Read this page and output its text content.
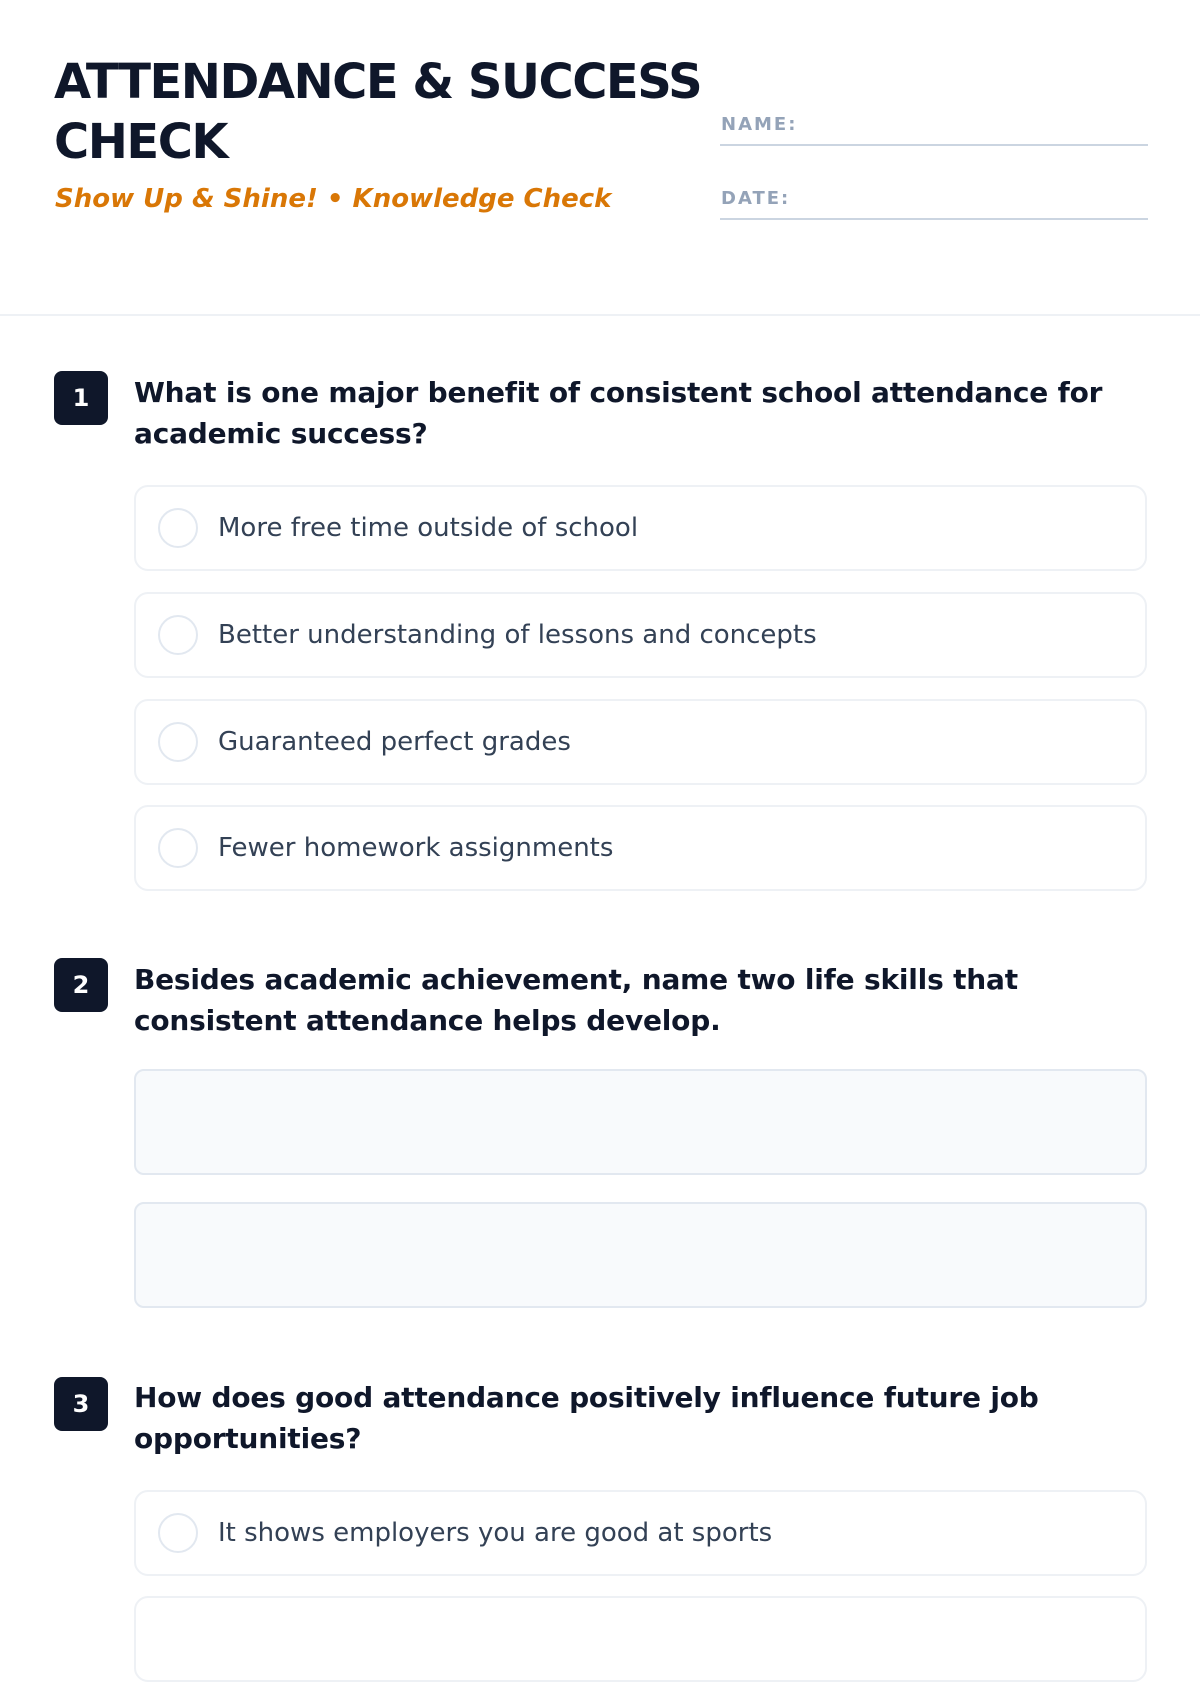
ATTENDANCE & SUCCESS CHECK
Show Up & Shine! • Knowledge Check
NAME:
DATE:
1	What is one major benefit of consistent school attendance for academic success?
More free time outside of school
Better understanding of lessons and concepts
Guaranteed perfect grades
Fewer homework assignments
2	Besides academic achievement, name two life skills that consistent attendance helps develop.
3	How does good attendance positively influence future job opportunities?
It shows employers you are good at sports
